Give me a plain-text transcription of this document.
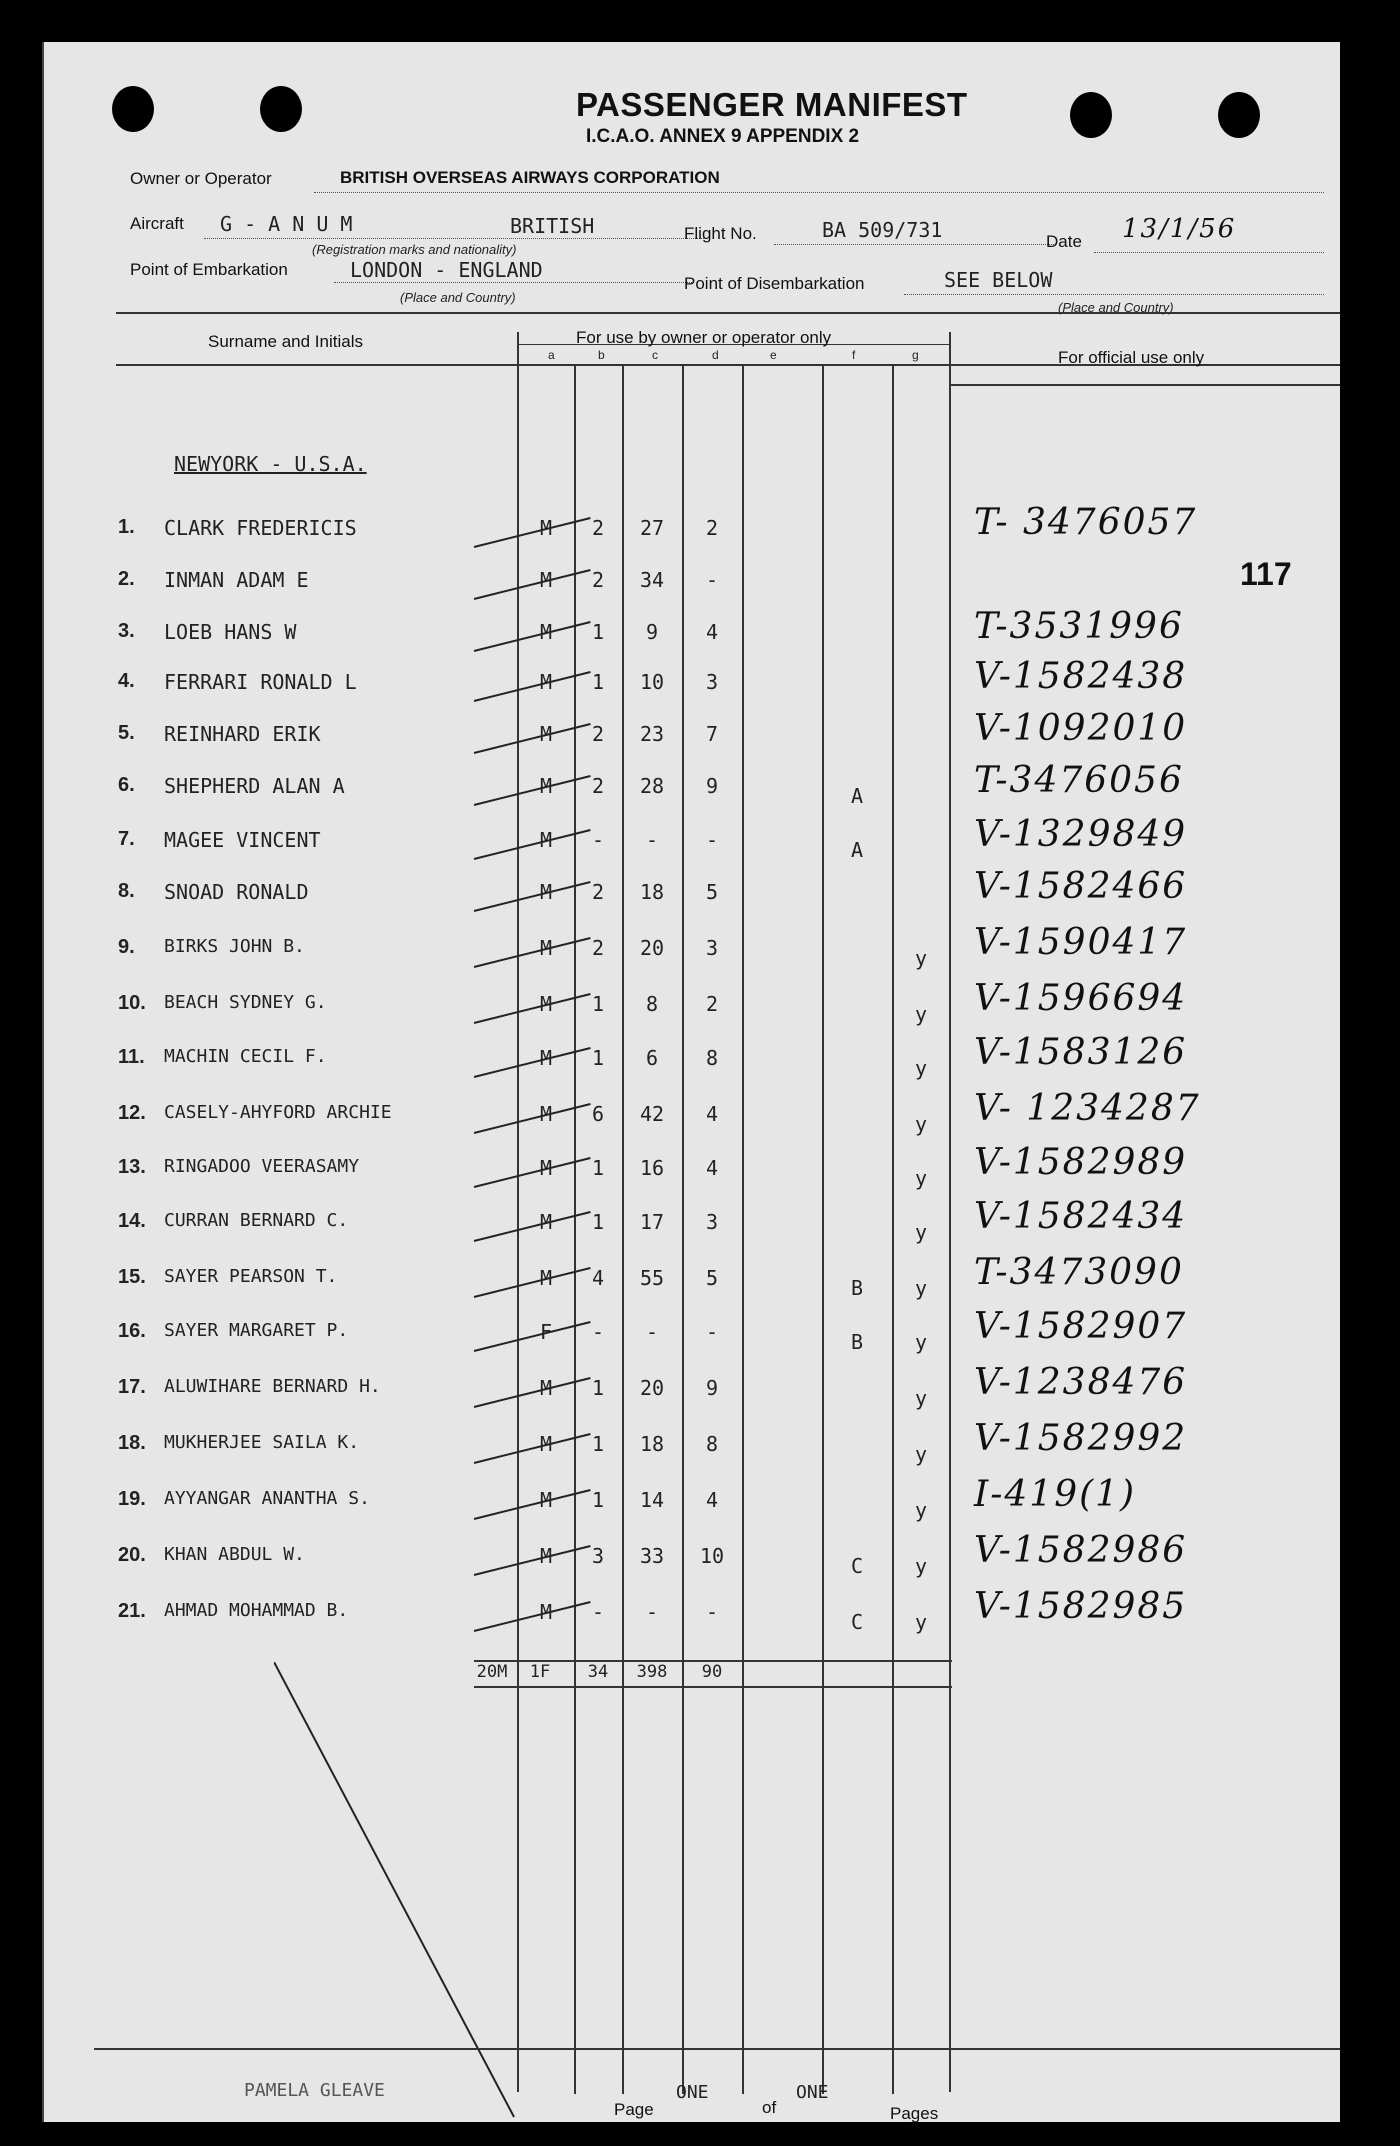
PASSENGER MANIFEST
I.C.A.O. ANNEX 9 APPENDIX 2
Owner or Operator	BRITISH OVERSEAS AIRWAYS CORPORATION
Aircraft G - A N U M	BRITISH
(Registration marks and nationality)
Flight No.	BA 509/731	Date 13/1/56
Point of Embarkation	LONDON - ENGLAND
(Place and Country)
Point of Disembarkation	SEE BELOW
(Place and Country)
Surname and Initials	For use by owner or operator only
For official use only
a	b	c	d	e	f	g
NEWYORK - U.S.A.
1.	CLARK FREDERICIS	M	2	27	2	T- 3476057
2.	INMAN ADAM E	M	2	34	-
3.	LOEB HANS W	M	1	9	4	T-3531996
4.	FERRARI RONALD L	M	1	10	3	V-1582438
5.	REINHARD ERIK	M	2	23	7	V-1092010
6.	SHEPHERD ALAN A	M	2	28	9	A	T-3476056
7.	MAGEE VINCENT	M	-	-	-	A	V-1329849
8.	SNOAD RONALD	M	2	18	5	V-1582466
9.	BIRKS JOHN B.	M	2	20	3	y	V-1590417
10.	BEACH SYDNEY G.	M	1	8	2	y	V-1596694
11.	MACHIN CECIL F.	M	1	6	8	y	V-1583126
12.	CASELY-AHYFORD ARCHIE	M	6	42	4	y	V- 1234287
13.	RINGADOO VEERASAMY	M	1	16	4	y	V-1582989
14.	CURRAN BERNARD C.	M	1	17	3	y	V-1582434
15.	SAYER PEARSON T.	M	4	55	5	B	y	T-3473090
16.	SAYER MARGARET P.	F	-	-	-	B	y	V-1582907
17.	ALUWIHARE BERNARD H.	M	1	20	9	y	V-1238476
18.	MUKHERJEE SAILA K.	M	1	18	8	y	V-1582992
19.	AYYANGAR ANANTHA S.	M	1	14	4	y	I-419(1)
20.	KHAN ABDUL W.	M	3	33	10	C	y	V-1582986
21.	AHMAD MOHAMMAD B.	M	-	-	-	C	y	V-1582985
20M	1F	34	398	90
117
PAMELA GLEAVE
Page
ONE
of
ONE
Pages
